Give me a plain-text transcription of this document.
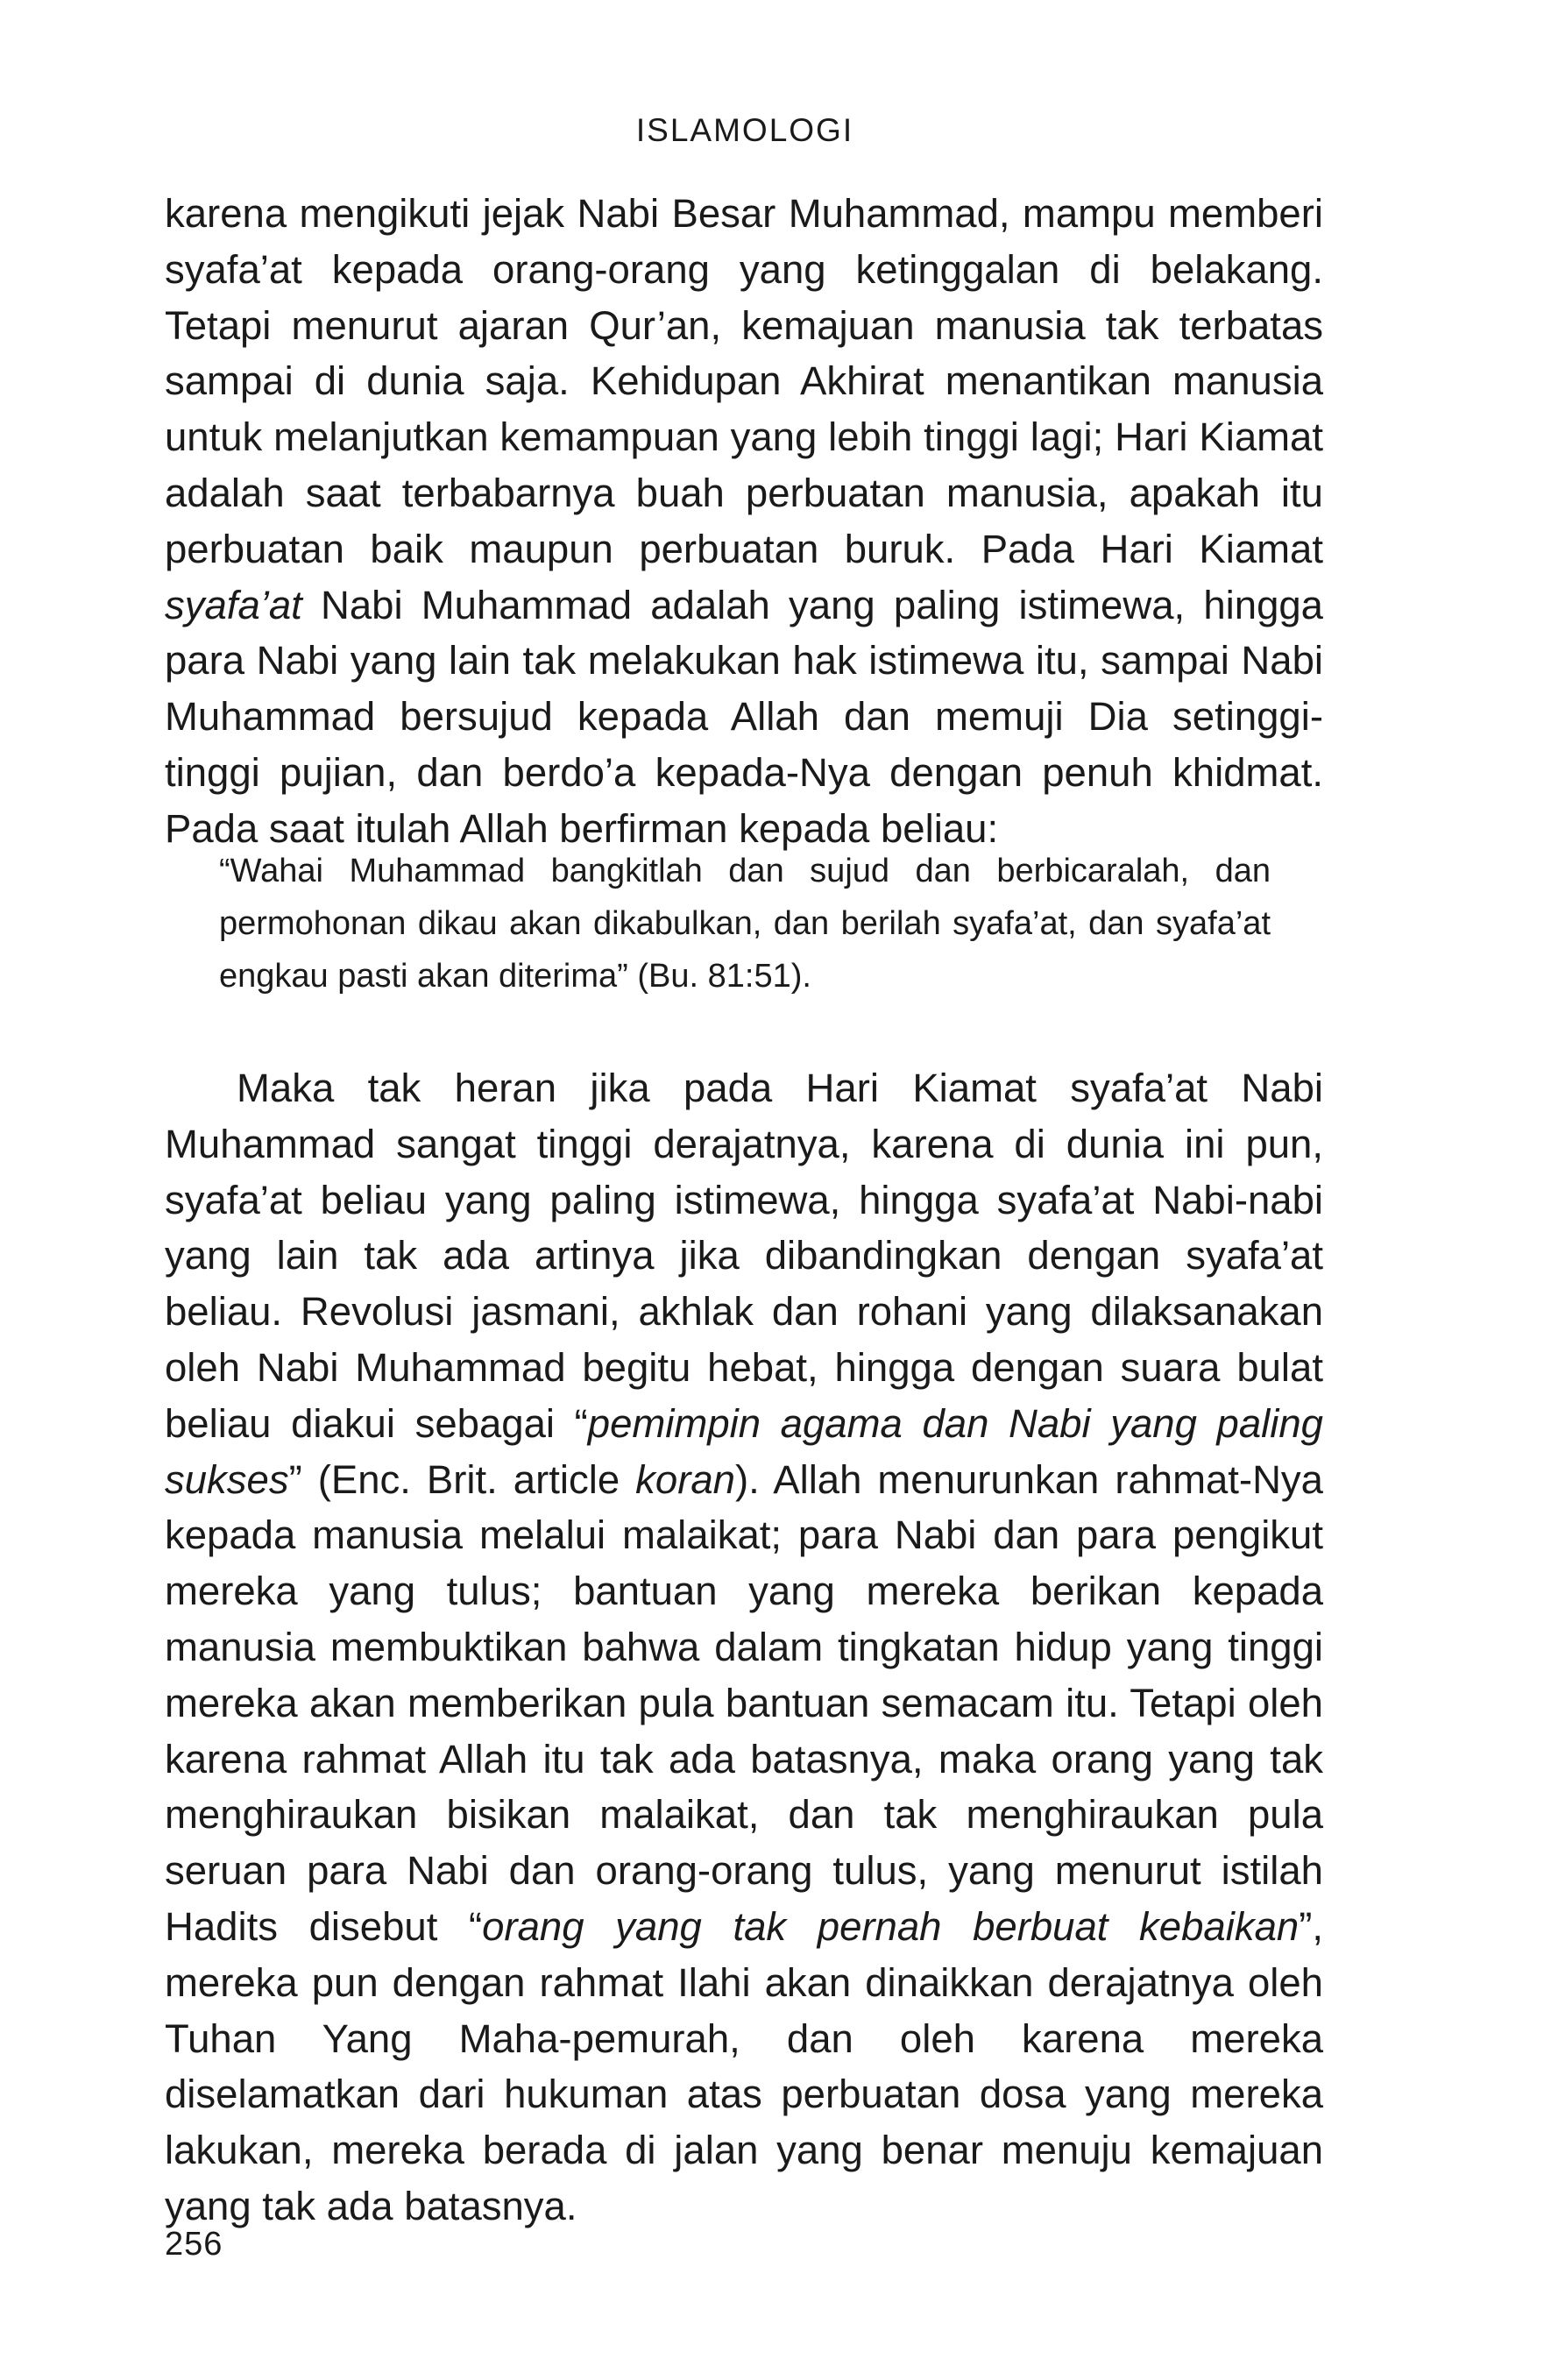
ISLAMOLOGI

karena mengikuti jejak Nabi Besar Muhammad, mampu memberi syafa’at kepada orang-orang yang ketinggalan di belakang. Tetapi menurut ajaran Qur’an, kemajuan manusia tak terbatas sampai di dunia saja. Kehidupan Akhirat menantikan manusia untuk melanjutkan kemampuan yang lebih tinggi lagi; Hari Kiamat adalah saat terbabarnya buah perbuatan manusia, apakah itu perbuatan baik maupun perbuatan buruk. Pada Hari Kiamat syafa’at Nabi Muhammad adalah yang paling istimewa, hingga para Nabi yang lain tak melakukan hak istimewa itu, sampai Nabi Muhammad bersujud kepada Allah dan memuji Dia setinggi-tinggi pujian, dan berdo’a kepada-Nya dengan penuh khidmat. Pada saat itulah Allah berfirman kepada beliau:

“Wahai Muhammad bangkitlah dan sujud dan berbicaralah, dan permohonan dikau akan dikabulkan, dan berilah syafa’at, dan syafa’at engkau pasti akan diterima” (Bu. 81:51).

Maka tak heran jika pada Hari Kiamat syafa’at Nabi Muhammad sangat tinggi derajatnya, karena di dunia ini pun, syafa’at beliau yang paling istimewa, hingga syafa’at Nabi-nabi yang lain tak ada artinya jika dibandingkan dengan syafa’at beliau. Revolusi jasmani, akhlak dan rohani yang dilaksanakan oleh Nabi Muhammad begitu hebat, hingga dengan suara bulat beliau diakui sebagai “pemimpin agama dan Nabi yang paling sukses” (Enc. Brit. article koran). Allah menurunkan rahmat-Nya kepada manusia melalui malaikat; para Nabi dan para pengikut mereka yang tulus; bantuan yang mereka berikan kepada manusia membuktikan bahwa dalam tingkatan hidup yang tinggi mereka akan memberikan pula bantuan semacam itu. Tetapi oleh karena rahmat Allah itu tak ada batasnya, maka orang yang tak menghiraukan bisikan malaikat, dan tak menghiraukan pula seruan para Nabi dan orang-orang tulus, yang menurut istilah Hadits disebut “orang yang tak pernah berbuat kebaikan”, mereka pun dengan rahmat Ilahi akan dinaikkan derajatnya oleh Tuhan Yang Maha-pemurah, dan oleh karena mereka diselamatkan dari hukuman atas perbuatan dosa yang mereka lakukan, mereka berada di jalan yang benar menuju kemajuan yang tak ada batasnya.

256
